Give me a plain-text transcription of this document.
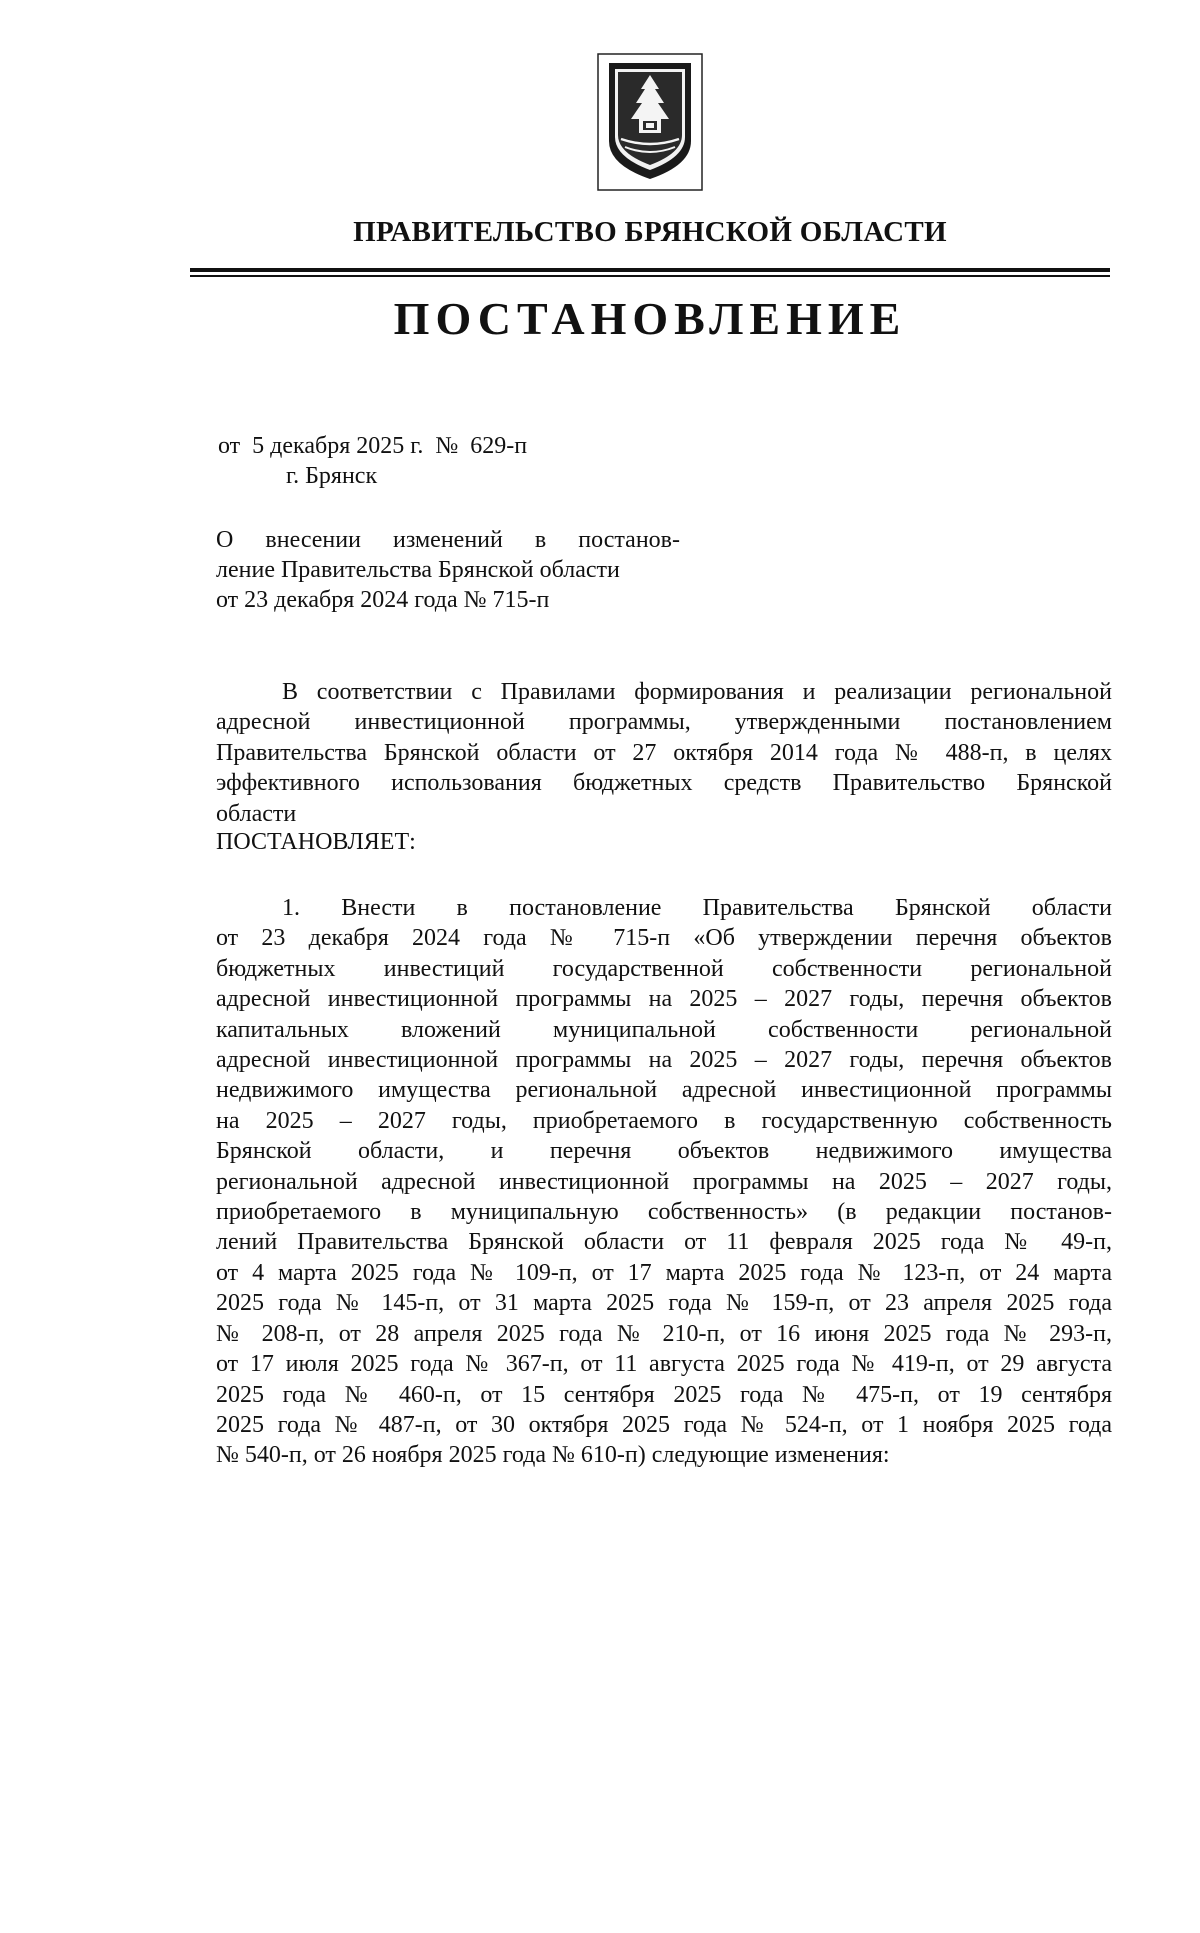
ПРАВИТЕЛЬСТВО БРЯНСКОЙ ОБЛАСТИ
ПОСТАНОВЛЕНИЕ
от  5 декабря 2025 г.  №  629-п
г. Брянск
О внесении изменений в постанов-
ление Правительства Брянской области
от 23 декабря 2024 года № 715-п
В соответствии с Правилами формирования и реализации региональной
адресной инвестиционной программы, утвержденными постановлением
Правительства Брянской области от 27 октября 2014 года № 488-п, в целях
эффективного использования бюджетных средств Правительство Брянской
области
ПОСТАНОВЛЯЕТ:
1. Внести в постановление Правительства Брянской области
от 23 декабря 2024 года № 715-п «Об утверждении перечня объектов
бюджетных инвестиций государственной собственности региональной
адресной инвестиционной программы на 2025 – 2027 годы, перечня объектов
капитальных вложений муниципальной собственности региональной
адресной инвестиционной программы на 2025 – 2027 годы, перечня объектов
недвижимого имущества региональной адресной инвестиционной программы
на 2025 – 2027 годы, приобретаемого в государственную собственность
Брянской области, и перечня объектов недвижимого имущества
региональной адресной инвестиционной программы на 2025 – 2027 годы,
приобретаемого в муниципальную собственность» (в редакции постанов-
лений Правительства Брянской области от 11 февраля 2025 года № 49-п,
от 4 марта 2025 года № 109-п, от 17 марта 2025 года № 123-п, от 24 марта
2025 года № 145-п, от 31 марта 2025 года № 159-п, от 23 апреля 2025 года
№ 208-п, от 28 апреля 2025 года № 210-п, от 16 июня 2025 года № 293-п,
от 17 июля 2025 года № 367-п, от 11 августа 2025 года № 419-п, от 29 августа
2025 года № 460-п, от 15 сентября 2025 года № 475-п, от 19 сентября
2025 года № 487-п, от 30 октября 2025 года № 524-п, от 1 ноября 2025 года
№ 540-п, от 26 ноября 2025 года № 610-п) следующие изменения:
